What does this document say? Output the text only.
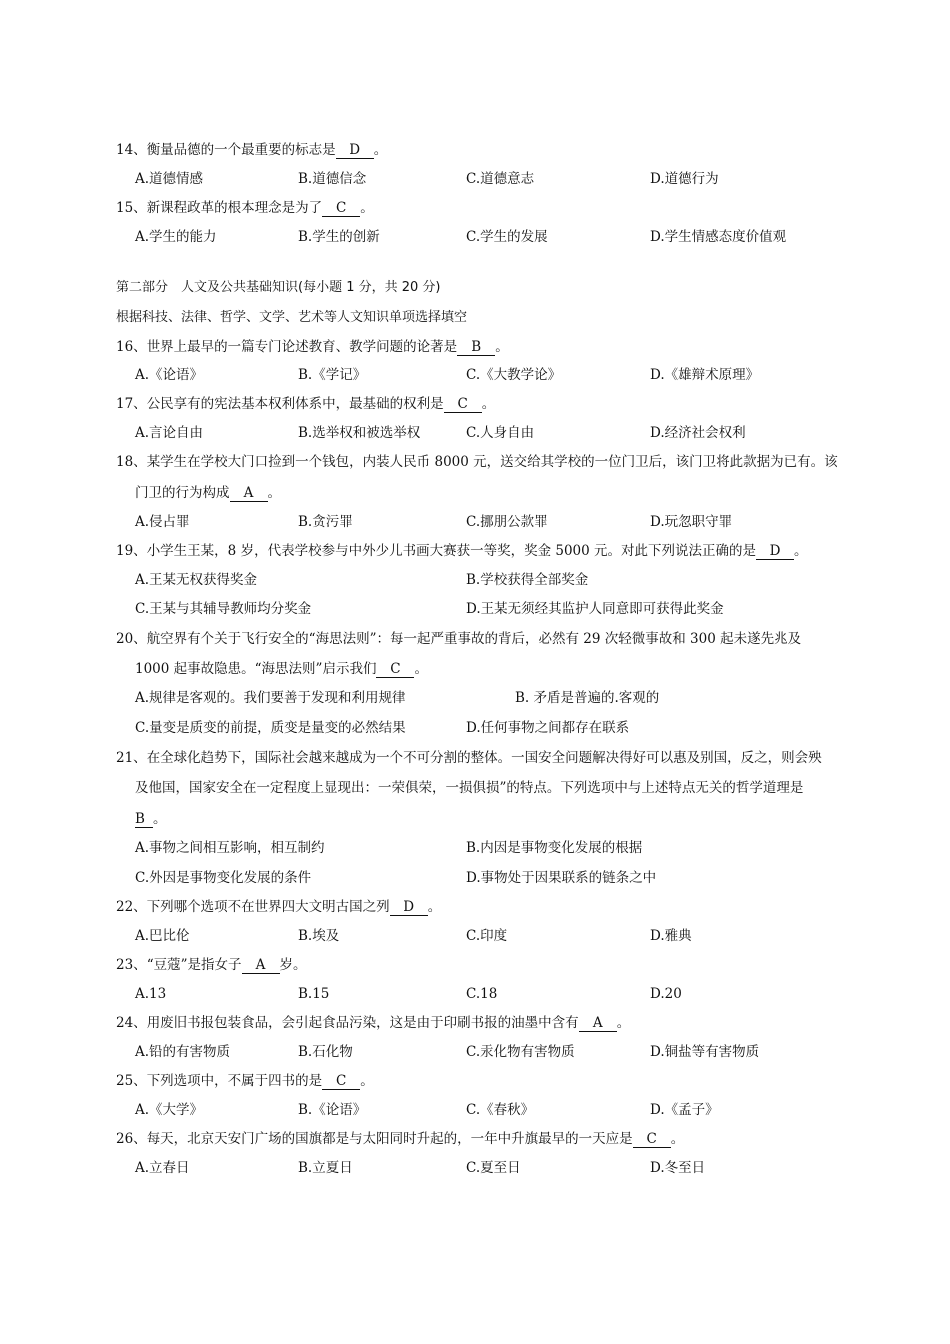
14、衡量品德的一个最重要的标志是 D 。
A.道德情感	B.道德信念	C.道德意志	D.道德行为
15、新课程政革的根本理念是为了 C 。
A.学生的能力	B.学生的创新	C.学生的发展	D.学生情感态度价值观
第二部分　人文及公共基础知识(每小题 1 分，共 20 分)
根据科技、法律、哲学、文学、艺术等人文知识单项选择填空
16、世界上最早的一篇专门论述教育、教学问题的论著是 B 。
A.《论语》	B.《学记》	C.《大教学论》	D.《雄辩术原理》
17、公民享有的宪法基本权利体系中，最基础的权利是 C 。
A.言论自由	B.选举权和被选举权	C.人身自由	D.经济社会权利
18、某学生在学校大门口捡到一个钱包，内装人民币 8000 元，送交给其学校的一位门卫后，该门卫将此款据为已有。该
门卫的行为构成 A 。
A.侵占罪	B.贪污罪	C.挪朋公款罪	D.玩忽职守罪
19、小学生王某，8 岁，代表学校参与中外少儿书画大赛获一等奖，奖金 5000 元。对此下列说法正确的是 D 。
A.王某无权获得奖金	B.学校获得全部奖金
C.王某与其辅导教师均分奖金	D.王某无须经其监护人同意即可获得此奖金
20、航空界有个关于飞行安全的“海思法则”：每一起严重事故的背后，必然有 29 次轻微事故和 300 起未遂先兆及
1000 起事故隐患。“海思法则”启示我们 C 。
A.规律是客观的。我们要善于发现和利用规律	B. 矛盾是普遍的.客观的
C.量变是质变的前提，质变是量变的必然结果	D.任何事物之间都存在联系
21、在全球化趋势下，国际社会越来越成为一个不可分割的整体。一国安全问题解决得好可以惠及别国，反之，则会殃
及他国，国家安全在一定程度上显现出：一荣俱荣，一损俱损”的特点。下列选项中与上述特点无关的哲学道理是
B 。
A.事物之间相互影响，相互制约	B.内因是事物变化发展的根据
C.外因是事物变化发展的条件	D.事物处于因果联系的链条之中
22、下列哪个选项不在世界四大文明古国之列 D 。
A.巴比伦	B.埃及	C.印度	D.雅典
23、“豆蔻”是指女子 A 岁。
A.13	B.15	C.18	D.20
24、用废旧书报包装食品，会引起食品污染，这是由于印刷书报的油墨中含有 A 。
A.铅的有害物质	B.石化物	C.汞化物有害物质	D.铜盐等有害物质
25、下列选项中，不属于四书的是 C 。
A.《大学》	B.《论语》	C.《春秋》	D.《孟子》
26、每天，北京天安门广场的国旗都是与太阳同时升起的，一年中升旗最早的一天应是 C 。
A.立春日	B.立夏日	C.夏至日	D.冬至日
